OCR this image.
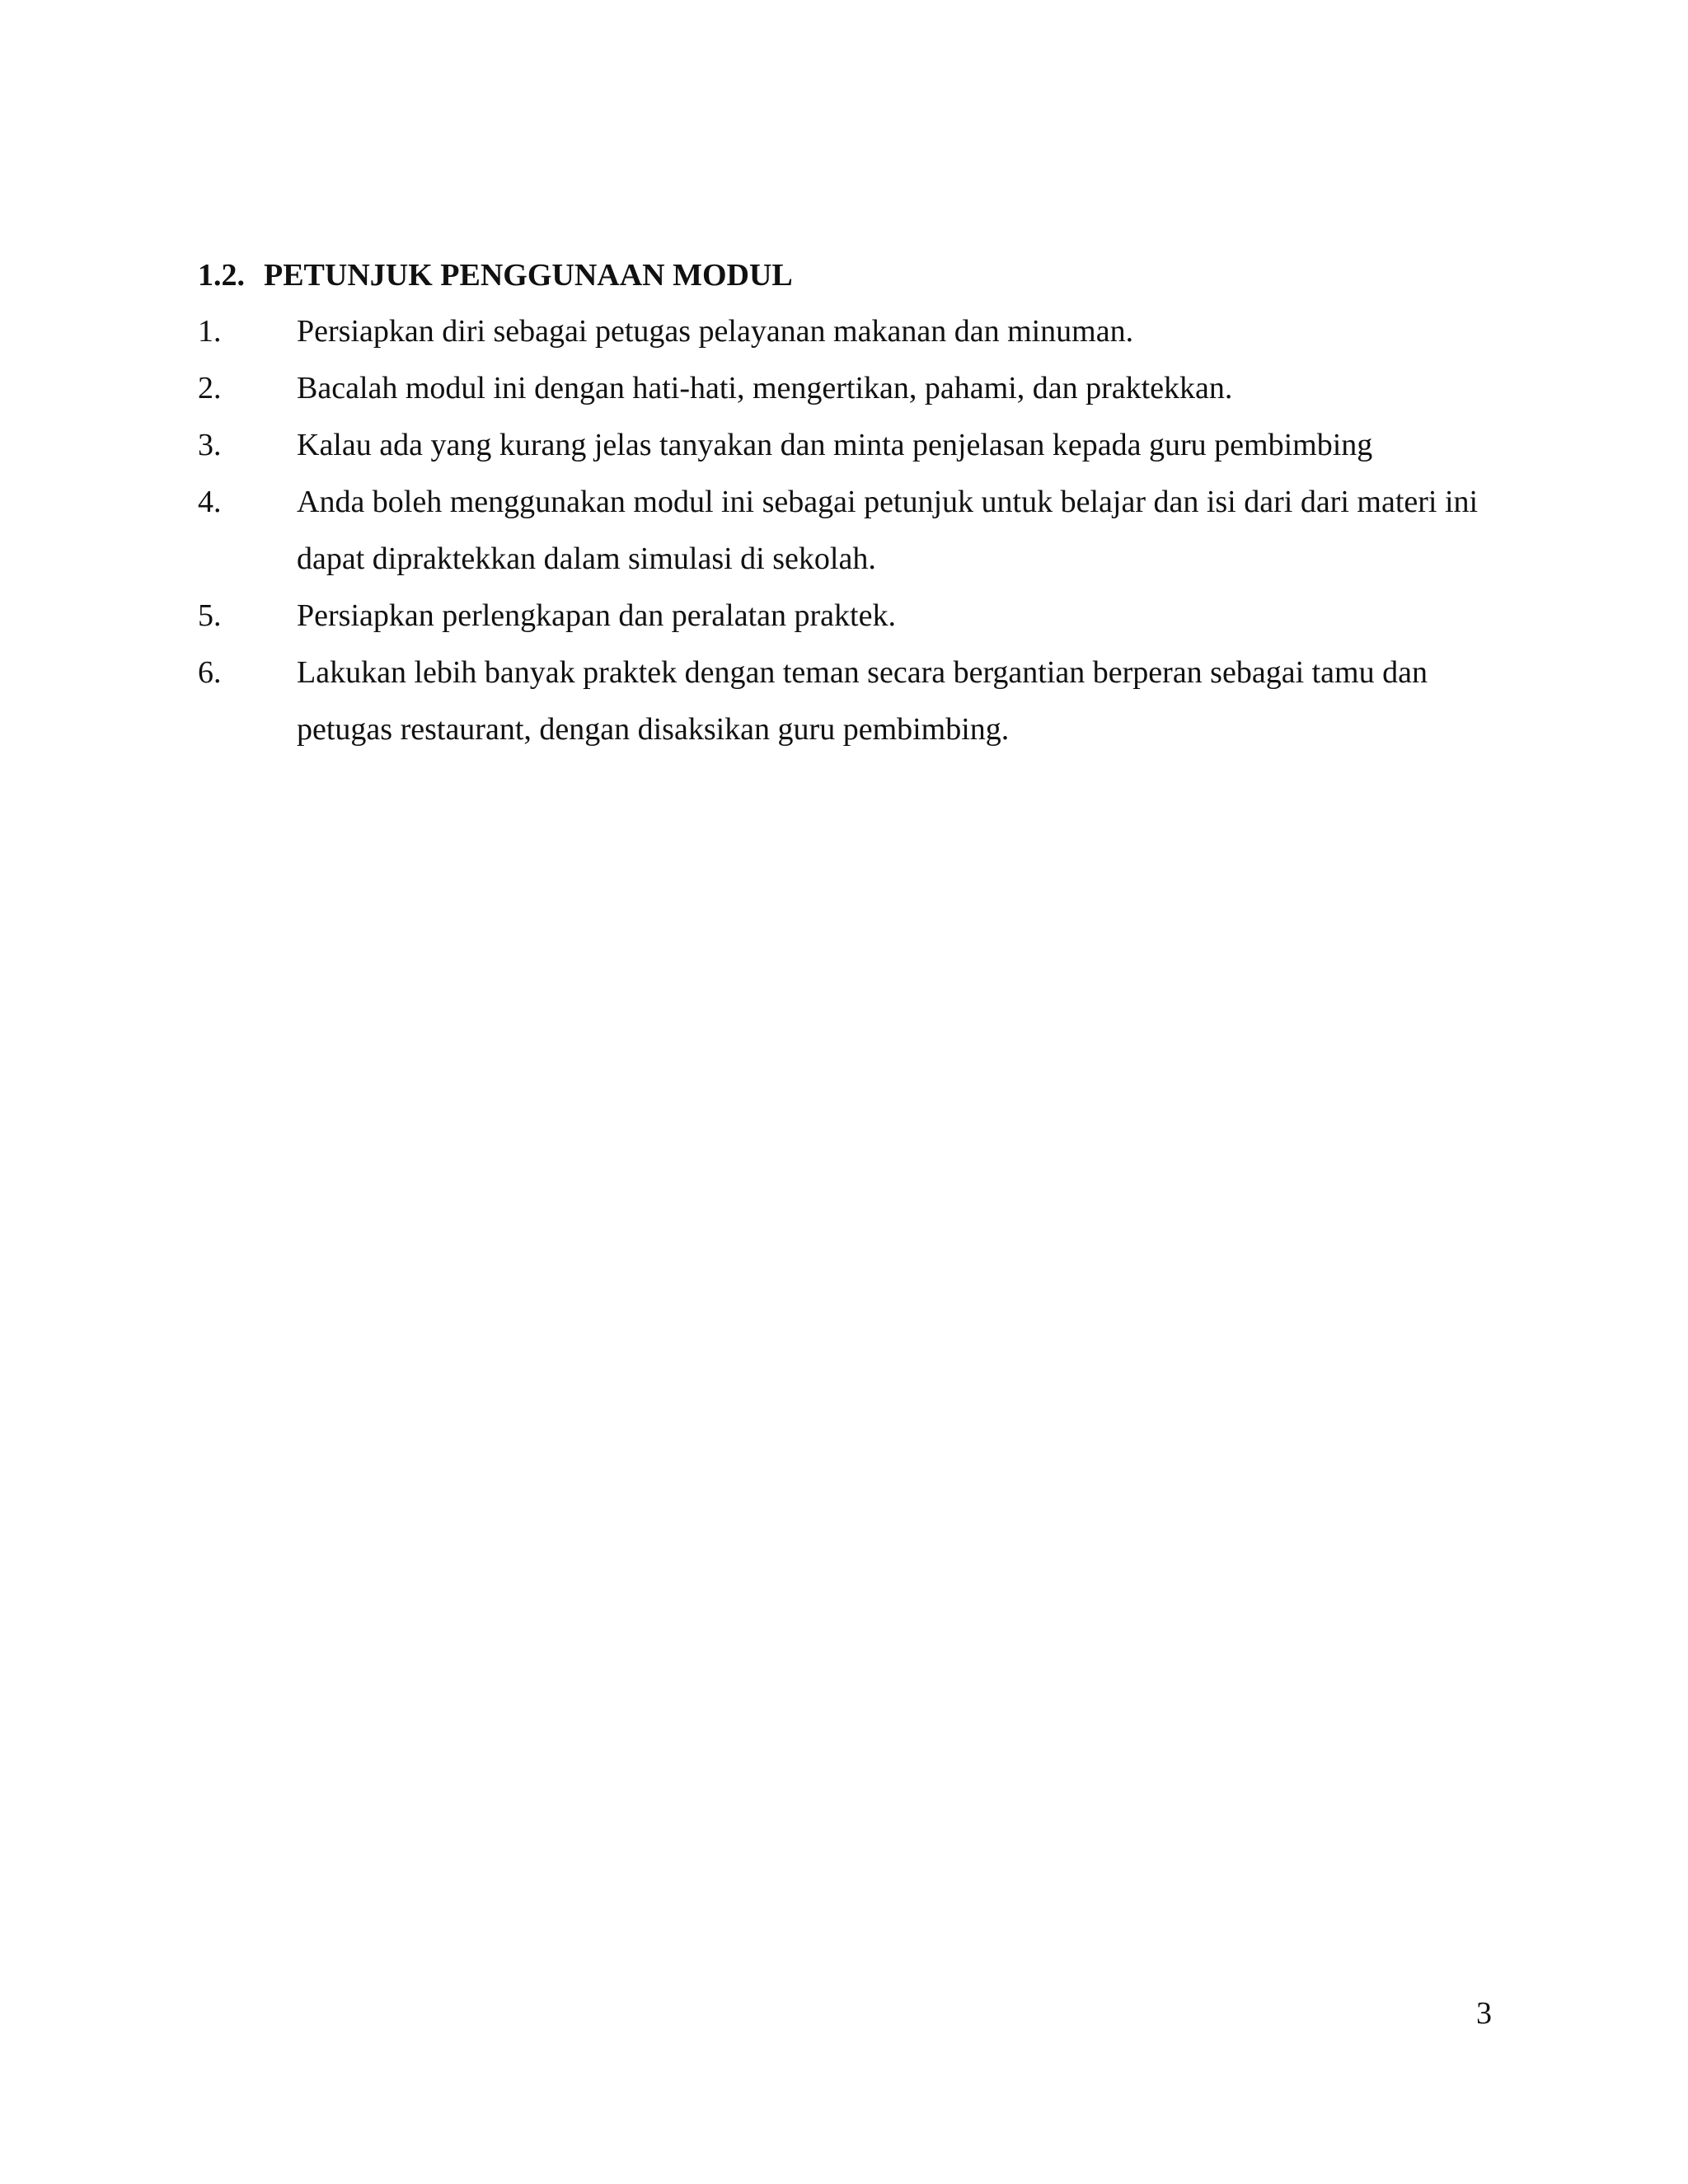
1.2. PETUNJUK PENGGUNAAN MODUL
1.	Persiapkan diri sebagai petugas pelayanan makanan dan minuman.
2.	Bacalah modul ini dengan hati-hati, mengertikan, pahami, dan praktekkan.
3.	Kalau ada yang kurang jelas tanyakan dan minta penjelasan kepada guru pembimbing
4.	Anda boleh menggunakan modul ini sebagai petunjuk untuk belajar dan isi dari dari materi ini dapat dipraktekkan dalam simulasi di sekolah.
5.	Persiapkan perlengkapan dan peralatan praktek.
6.	Lakukan lebih banyak praktek dengan teman secara bergantian berperan sebagai tamu dan petugas restaurant, dengan disaksikan guru pembimbing.
3
